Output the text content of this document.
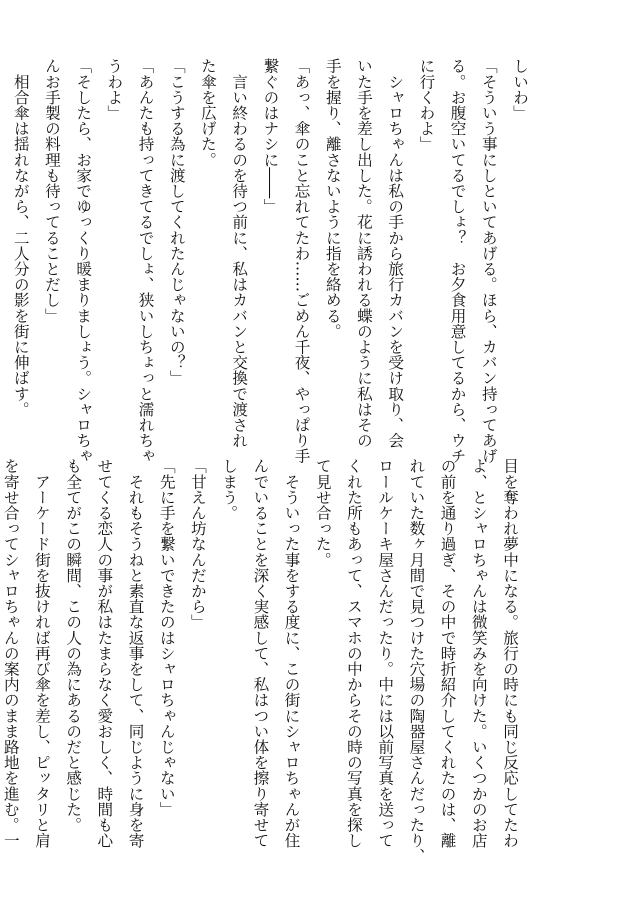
しいわ」
「そういう事にしといてあげる。ほら、カバン持ってあげ
る。お腹空いてるでしょ？　お夕食用意してるから、ウチ
に行くわよ」
　シャロちゃんは私の手から旅行カバンを受け取り、会
いた手を差し出した。花に誘われる蝶のように私はその
手を握り、離さないように指を絡める。
「あっ、傘のこと忘れてたわ……ごめん千夜、やっぱり手
繋ぐのはナシに――」
　言い終わるのを待つ前に、私はカバンと交換で渡され
た傘を広げた。
「こうする為に渡してくれたんじゃないの？」
「あんたも持ってきてるでしょ、狭いしちょっと濡れちゃ
うわよ」
「そしたら、お家でゆっくり暖まりましょう。シャロちゃ
んお手製の料理も待ってることだし」
　相合傘は揺れながら、二人分の影を街に伸ばす。
目を奪われ夢中になる。旅行の時にも同じ反応してたわ
よ、とシャロちゃんは微笑みを向けた。いくつかのお店
の前を通り過ぎ、その中で時折紹介してくれたのは、離
れていた数ヶ月間で見つけた穴場の陶器屋さんだったり、
ロールケーキ屋さんだったり。中には以前写真を送って
くれた所もあって、スマホの中からその時の写真を探し
て見せ合った。
　そういった事をする度に、この街にシャロちゃんが住
んでいることを深く実感して、私はつい体を擦り寄せて
しまう。
「甘えん坊なんだから」
「先に手を繋いできたのはシャロちゃんじゃない」
　それもそうねと素直な返事をして、同じように身を寄
せてくる恋人の事が私はたまらなく愛おしく、時間も心
も全てがこの瞬間、この人の為にあるのだと感じた。
　アーケード街を抜ければ再び傘を差し、ピッタリと肩
を寄せ合ってシャロちゃんの案内のまま路地を進む。一
